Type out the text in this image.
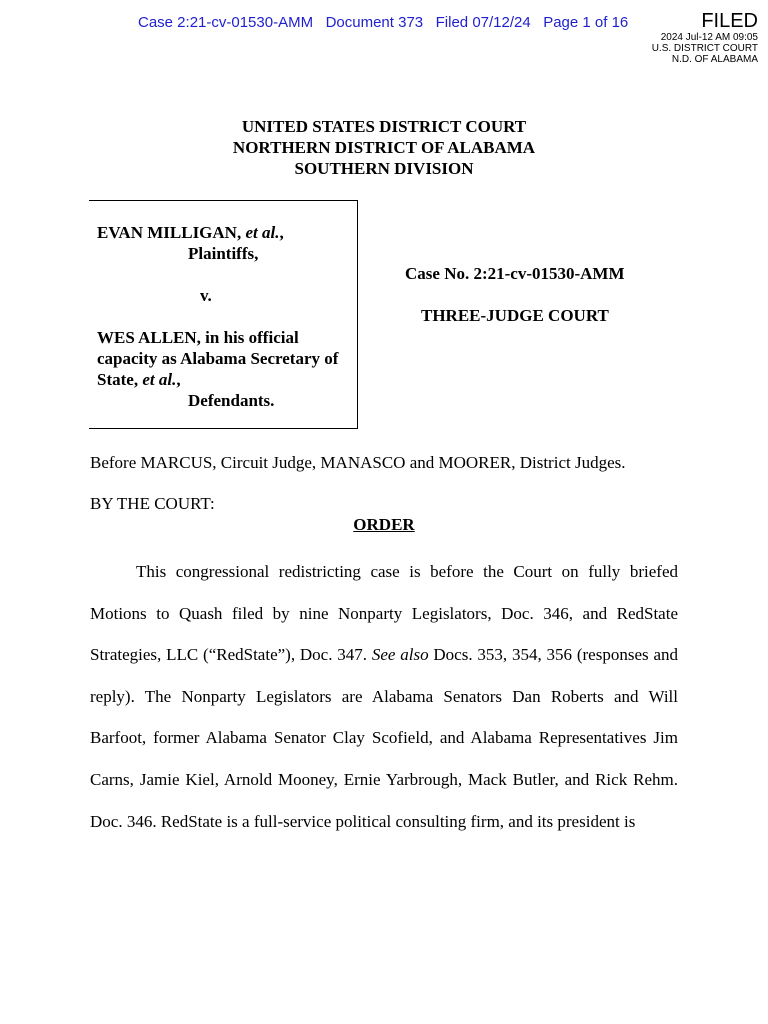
Case 2:21-cv-01530-AMM   Document 373   Filed 07/12/24   Page 1 of 16	FILED
2024 Jul-12 AM 09:05
U.S. DISTRICT COURT
N.D. OF ALABAMA
UNITED STATES DISTRICT COURT
NORTHERN DISTRICT OF ALABAMA
SOUTHERN DIVISION
EVAN MILLIGAN, et al.,
Plaintiffs,
v.
WES ALLEN, in his official
capacity as Alabama Secretary of
State, et al.,
Defendants.
Case No. 2:21-cv-01530-AMM
THREE-JUDGE COURT
Before MARCUS, Circuit Judge, MANASCO and MOORER, District Judges.
BY THE COURT:
ORDER
This congressional redistricting case is before the Court on fully briefed Motions to Quash filed by nine Nonparty Legislators, Doc. 346, and RedState Strategies, LLC (“RedState”), Doc. 347. See also Docs. 353, 354, 356 (responses and reply). The Nonparty Legislators are Alabama Senators Dan Roberts and Will Barfoot, former Alabama Senator Clay Scofield, and Alabama Representatives Jim Carns, Jamie Kiel, Arnold Mooney, Ernie Yarbrough, Mack Butler, and Rick Rehm. Doc. 346. RedState is a full-service political consulting firm, and its president is
